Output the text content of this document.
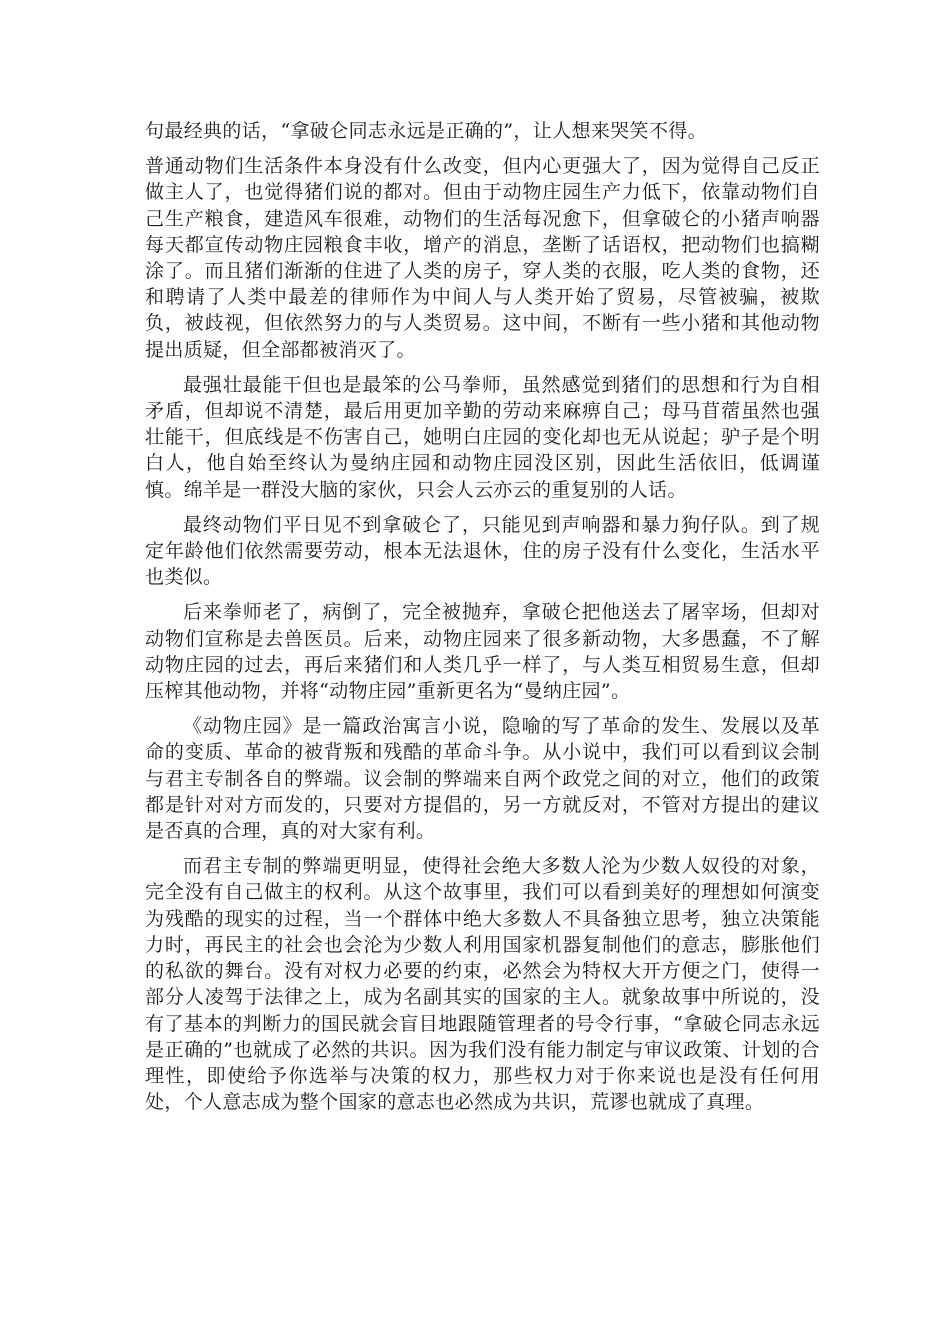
句最经典的话，“拿破仑同志永远是正确的”，让人想来哭笑不得。

普通动物们生活条件本身没有什么改变，但内心更强大了，因为觉得自己反正做主人了，也觉得猪们说的都对。但由于动物庄园生产力低下，依靠动物们自己生产粮食，建造风车很难，动物们的生活每况愈下，但拿破仑的小猪声响器每天都宣传动物庄园粮食丰收，增产的消息，垄断了话语权，把动物们也搞糊涂了。而且猪们渐渐的住进了人类的房子，穿人类的衣服，吃人类的食物，还和聘请了人类中最差的律师作为中间人与人类开始了贸易，尽管被骗，被欺负，被歧视，但依然努力的与人类贸易。这中间，不断有一些小猪和其他动物提出质疑，但全部都被消灭了。

最强壮最能干但也是最笨的公马拳师，虽然感觉到猪们的思想和行为自相矛盾，但却说不清楚，最后用更加辛勤的劳动来麻痹自己；母马苜蓿虽然也强壮能干，但底线是不伤害自己，她明白庄园的变化却也无从说起；驴子是个明白人，他自始至终认为曼纳庄园和动物庄园没区别，因此生活依旧，低调谨慎。绵羊是一群没大脑的家伙，只会人云亦云的重复别的人话。

最终动物们平日见不到拿破仑了，只能见到声响器和暴力狗仔队。到了规定年龄他们依然需要劳动，根本无法退休，住的房子没有什么变化，生活水平也类似。

后来拳师老了，病倒了，完全被抛弃，拿破仑把他送去了屠宰场，但却对动物们宣称是去兽医员。后来，动物庄园来了很多新动物，大多愚蠢，不了解动物庄园的过去，再后来猪们和人类几乎一样了，与人类互相贸易生意，但却压榨其他动物，并将“动物庄园”重新更名为“曼纳庄园”。

《动物庄园》是一篇政治寓言小说，隐喻的写了革命的发生、发展以及革命的变质、革命的被背叛和残酷的革命斗争。从小说中，我们可以看到议会制与君主专制各自的弊端。议会制的弊端来自两个政党之间的对立，他们的政策都是针对对方而发的，只要对方提倡的，另一方就反对，不管对方提出的建议是否真的合理，真的对大家有利。

而君主专制的弊端更明显，使得社会绝大多数人沦为少数人奴役的对象，完全没有自己做主的权利。从这个故事里，我们可以看到美好的理想如何演变为残酷的现实的过程，当一个群体中绝大多数人不具备独立思考，独立决策能力时，再民主的社会也会沦为少数人利用国家机器复制他们的意志，膨胀他们的私欲的舞台。没有对权力必要的约束，必然会为特权大开方便之门，使得一部分人凌驾于法律之上，成为名副其实的国家的主人。就象故事中所说的，没有了基本的判断力的国民就会盲目地跟随管理者的号令行事，“拿破仑同志永远是正确的”也就成了必然的共识。因为我们没有能力制定与审议政策、计划的合理性，即使给予你选举与决策的权力，那些权力对于你来说也是没有任何用处，个人意志成为整个国家的意志也必然成为共识，荒谬也就成了真理。
